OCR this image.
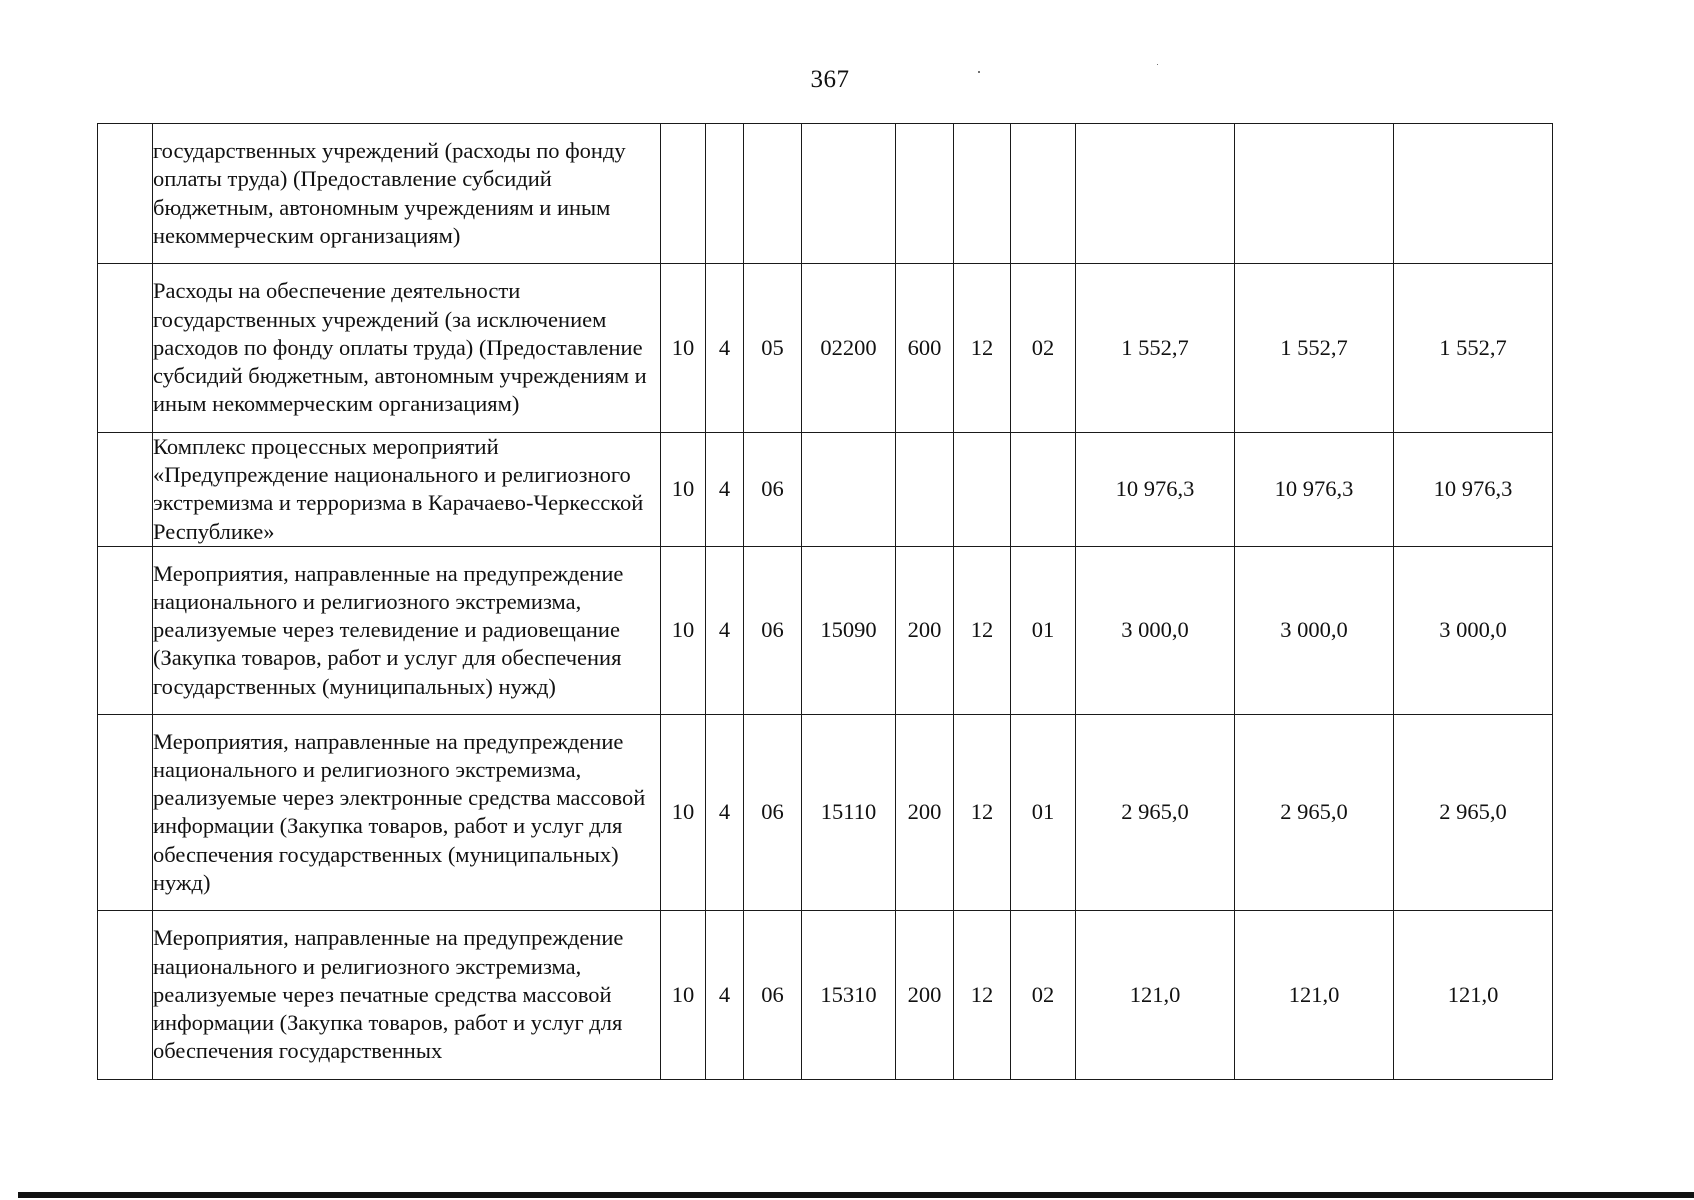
367
	государственных учреждений (расходы по фонду оплаты труда) (Предоставление субсидий бюджетным, автономным учреждениям и иным некоммерческим организациям)										
	Расходы на обеспечение деятельности государственных учреждений (за исключением расходов по фонду оплаты труда) (Предоставление субсидий бюджетным, автономным учреждениям и иным некоммерческим организациям)	10	4	05	02200	600	12	02	1 552,7	1 552,7	1 552,7
	Комплекс процессных мероприятий «Предупреждение национального и религиозного экстремизма и терроризма в Карачаево-Черкесской Республике»	10	4	06					10 976,3	10 976,3	10 976,3
	Мероприятия, направленные на предупреждение национального и религиозного экстремизма, реализуемые через телевидение и радиовещание (Закупка товаров, работ и услуг для обеспечения государственных (муниципальных) нужд)	10	4	06	15090	200	12	01	3 000,0	3 000,0	3 000,0
	Мероприятия, направленные на предупреждение национального и религиозного экстремизма, реализуемые через электронные средства массовой информации (Закупка товаров, работ и услуг для обеспечения государственных (муниципальных) нужд)	10	4	06	15110	200	12	01	2 965,0	2 965,0	2 965,0
	Мероприятия, направленные на предупреждение национального и религиозного экстремизма, реализуемые через печатные средства массовой информации (Закупка товаров, работ и услуг для обеспечения государственных	10	4	06	15310	200	12	02	121,0	121,0	121,0
